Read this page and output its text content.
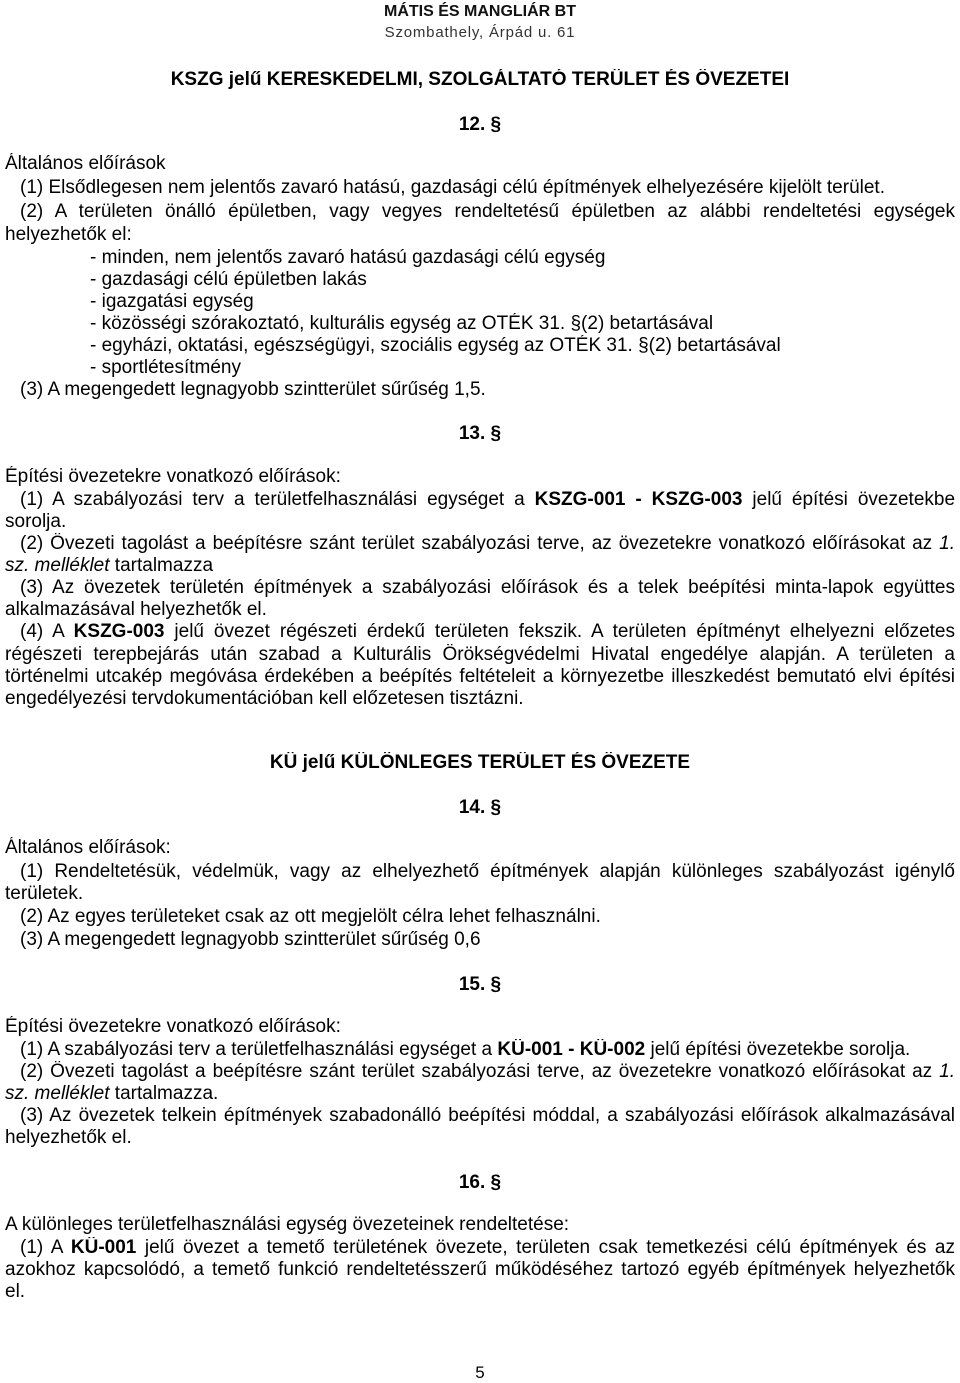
MÁTIS ÉS MANGLIÁR BT
Szombathely, Árpád u. 61
KSZG jelű KERESKEDELMI, SZOLGÁLTATÓ TERÜLET ÉS ÖVEZETEI
12. §
Általános előírások
(1) Elsődlegesen nem jelentős zavaró hatású, gazdasági célú építmények elhelyezésére kijelölt terület.
(2) A területen önálló épületben, vagy vegyes rendeltetésű épületben az alábbi rendeltetési egységek
helyezhetők el:
- minden, nem jelentős zavaró hatású gazdasági célú egység
- gazdasági célú épületben lakás
- igazgatási egység
- közösségi szórakoztató, kulturális egység az OTÉK 31. §(2) betartásával
- egyházi, oktatási, egészségügyi, szociális egység az OTÉK 31. §(2) betartásával
- sportlétesítmény
(3) A megengedett legnagyobb szintterület sűrűség 1,5.
13. §
Építési övezetekre vonatkozó előírások:
(1) A szabályozási terv a területfelhasználási egységet a KSZG-001 - KSZG-003 jelű építési övezetekbe
sorolja.
(2) Övezeti tagolást a beépítésre szánt terület szabályozási terve, az övezetekre vonatkozó előírásokat az 1.
sz. melléklet tartalmazza
(3) Az övezetek területén építmények a szabályozási előírások és a telek beépítési minta-lapok együttes
alkalmazásával helyezhetők el.
(4) A KSZG-003 jelű övezet régészeti érdekű területen fekszik. A területen építményt elhelyezni előzetes
régészeti terepbejárás után szabad a Kulturális Örökségvédelmi Hivatal engedélye alapján. A területen a
történelmi utcakép megóvása érdekében a beépítés feltételeit a környezetbe illeszkedést bemutató elvi építési
engedélyezési tervdokumentációban kell előzetesen tisztázni.
KÜ jelű KÜLÖNLEGES TERÜLET ÉS ÖVEZETE
14. §
Általános előírások:
(1) Rendeltetésük, védelmük, vagy az elhelyezhető építmények alapján különleges szabályozást igénylő
területek.
(2) Az egyes területeket csak az ott megjelölt célra lehet felhasználni.
(3) A megengedett legnagyobb szintterület sűrűség 0,6
15. §
Építési övezetekre vonatkozó előírások:
(1) A szabályozási terv a területfelhasználási egységet a KÜ-001 - KÜ-002 jelű építési övezetekbe sorolja.
(2) Övezeti tagolást a beépítésre szánt terület szabályozási terve, az övezetekre vonatkozó előírásokat az 1.
sz. melléklet tartalmazza.
(3) Az övezetek telkein építmények szabadonálló beépítési móddal, a szabályozási előírások alkalmazásával
helyezhetők el.
16. §
A különleges területfelhasználási egység övezeteinek rendeltetése:
(1) A KÜ-001 jelű övezet a temető területének övezete, területen csak temetkezési célú építmények és az
azokhoz kapcsolódó, a temető funkció rendeltetésszerű működéséhez tartozó egyéb építmények helyezhetők
el.
5
